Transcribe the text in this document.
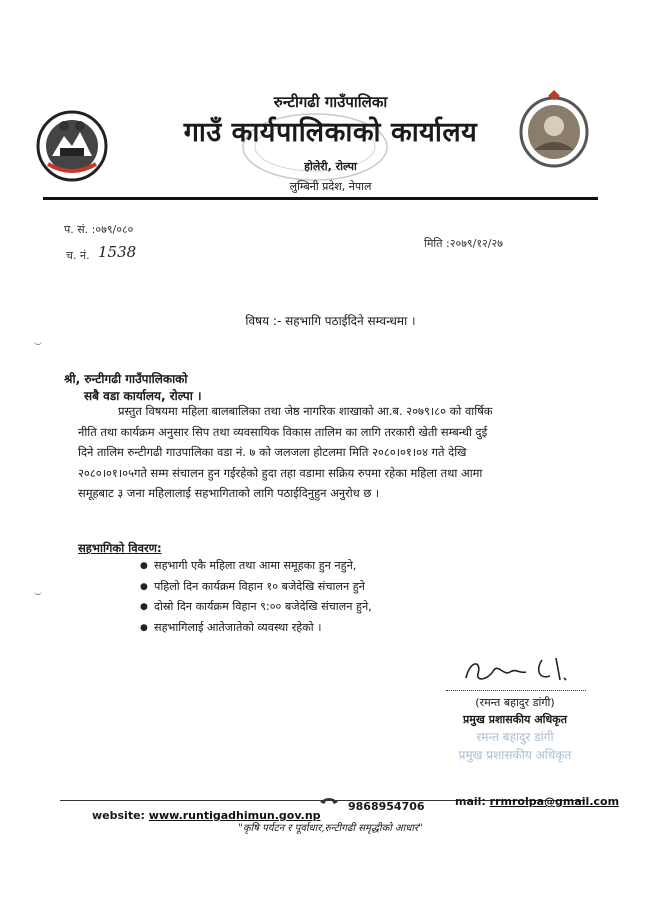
रुन्टीगढी गाउँपालिका
गाउँ कार्यपालिकाको कार्यालय
होलेरी, रोल्पा
लुम्बिनी प्रदेश, नेपाल
प. सं. :०७९/०८०
च. नं. 1538	मिति :२०७९/१२/२७
विषय :- सहभागि पठाईदिने सम्वन्धमा ।
श्री, रुन्टीगढी गाउँपालिकाको
सबै वडा कार्यालय, रोल्पा ।
प्रस्तुत विषयमा महिला बालबालिका तथा जेष्ठ नागरिक शाखाको आ.ब. २०७९।८० को वार्षिक
नीति तथा कार्यक्रम अनुसार सिप तथा व्यवसायिक विकास तालिम का लागि तरकारी खेती सम्बन्धी दुई
दिने तालिम रुन्टीगढी गाउपालिका वडा नं. ७ को जलजला होटलमा मिति २०८०।०१।०४ गते देखि
२०८०।०१।०५गते सम्म संचालन हुन गईरहेको हुदा तहा वडामा सक्रिय रुपमा रहेका महिला तथा आमा
समूहबाट ३ जना महिलालाई सहभागिताको लागि पठाईदिनुहुन अनुरोध छ ।
सहभागिको विवरण:
● सहभागी एकै महिला तथा आमा समूहका हुन नहुने,
● पहिलो दिन कार्यक्रम विहान १० बजेदेखि संचालन हुने
● दोस्रो दिन कार्यक्रम विहान ९:०० बजेदेखि संचालन हुने,
● सहभागिलाई आतेजातेको व्यवस्था रहेको ।
(रमन्त बहादुर डांगी)
प्रमुख प्रशासकीय अधिकृत
रमन्त बहादुर डांगी
प्रमुख प्रशासकीय अधिकृत
website: www.runtigadhimun.gov.np
9868954706	mail: rrmrolpa@gmail.com
"कृषि पर्यटन र पूर्वाधार,रुन्टीगढी समृद्धीको आधार"
